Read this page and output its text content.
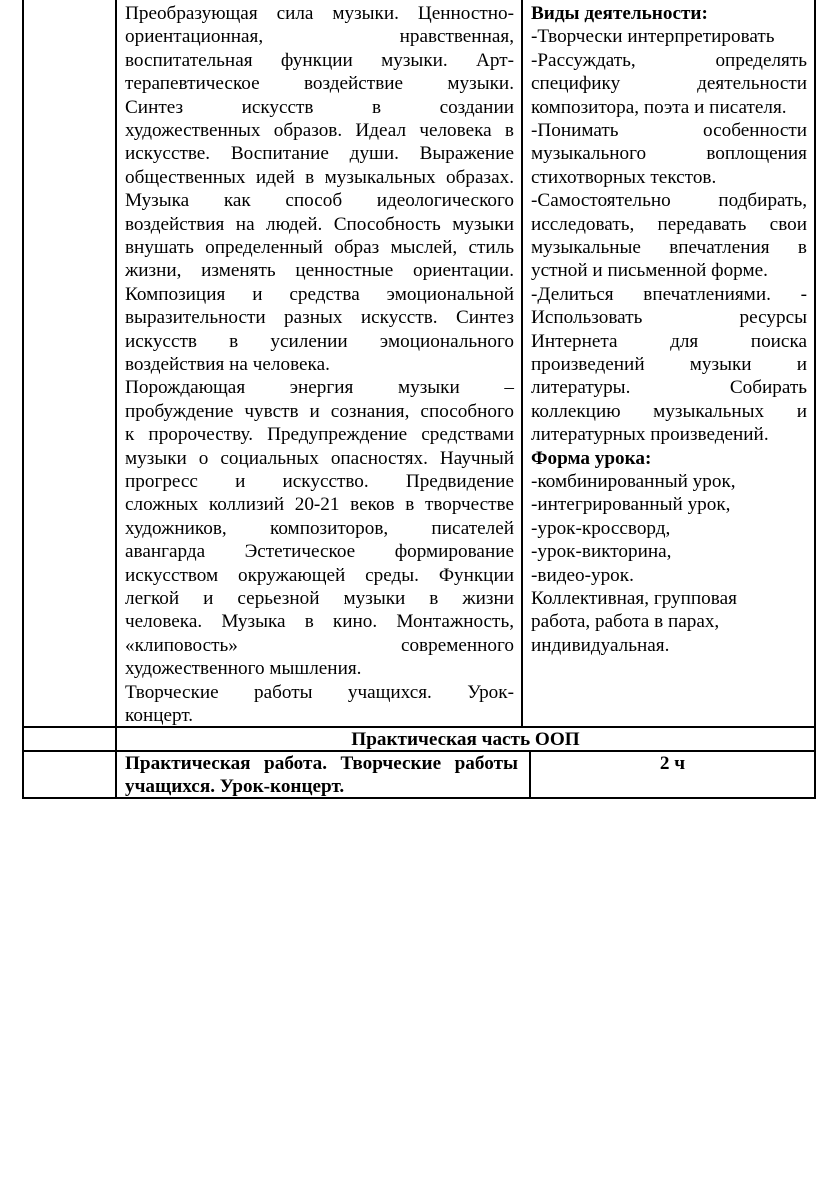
Преобразующая сила музыки. Ценностно-
ориентационная, нравственная,
воспитательная функции музыки. Арт-
терапевтическое воздействие музыки.
Синтез искусств в создании
художественных образов. Идеал человека в
искусстве. Воспитание души. Выражение
общественных идей в музыкальных образах.
Музыка как способ идеологического
воздействия на людей. Способность музыки
внушать определенный образ мыслей, стиль
жизни, изменять ценностные ориентации.
Композиция и средства эмоциональной
выразительности разных искусств. Синтез
искусств в усилении эмоционального
воздействия на человека.
Порождающая энергия музыки –
пробуждение чувств и сознания, способного
к пророчеству. Предупреждение средствами
музыки о социальных опасностях. Научный
прогресс и искусство. Предвидение
сложных коллизий 20-21 веков в творчестве
художников, композиторов, писателей
авангарда Эстетическое формирование
искусством окружающей среды. Функции
легкой и серьезной музыки в жизни
человека. Музыка в кино. Монтажность,
«клиповость» современного
художественного мышления.
Творческие работы учащихся. Урок-
концерт.
Виды деятельности:
-Творчески интерпретировать
-Рассуждать, определять
специфику деятельности
композитора, поэта и писателя.
-Понимать особенности
музыкального воплощения
стихотворных текстов.
-Самостоятельно подбирать,
исследовать, передавать свои
музыкальные впечатления в
устной и письменной форме.
-Делиться впечатлениями. -
Использовать ресурсы
Интернета для поиска
произведений музыки и
литературы. Собирать
коллекцию музыкальных и
литературных произведений.
Форма урока:
-комбинированный урок,
-интегрированный урок,
-урок-кроссворд,
-урок-викторина,
-видео-урок.
Коллективная, групповая
работа, работа в парах,
индивидуальная.
Практическая часть ООП
Практическая работа. Творческие работы
учащихся. Урок-концерт.
2 ч
